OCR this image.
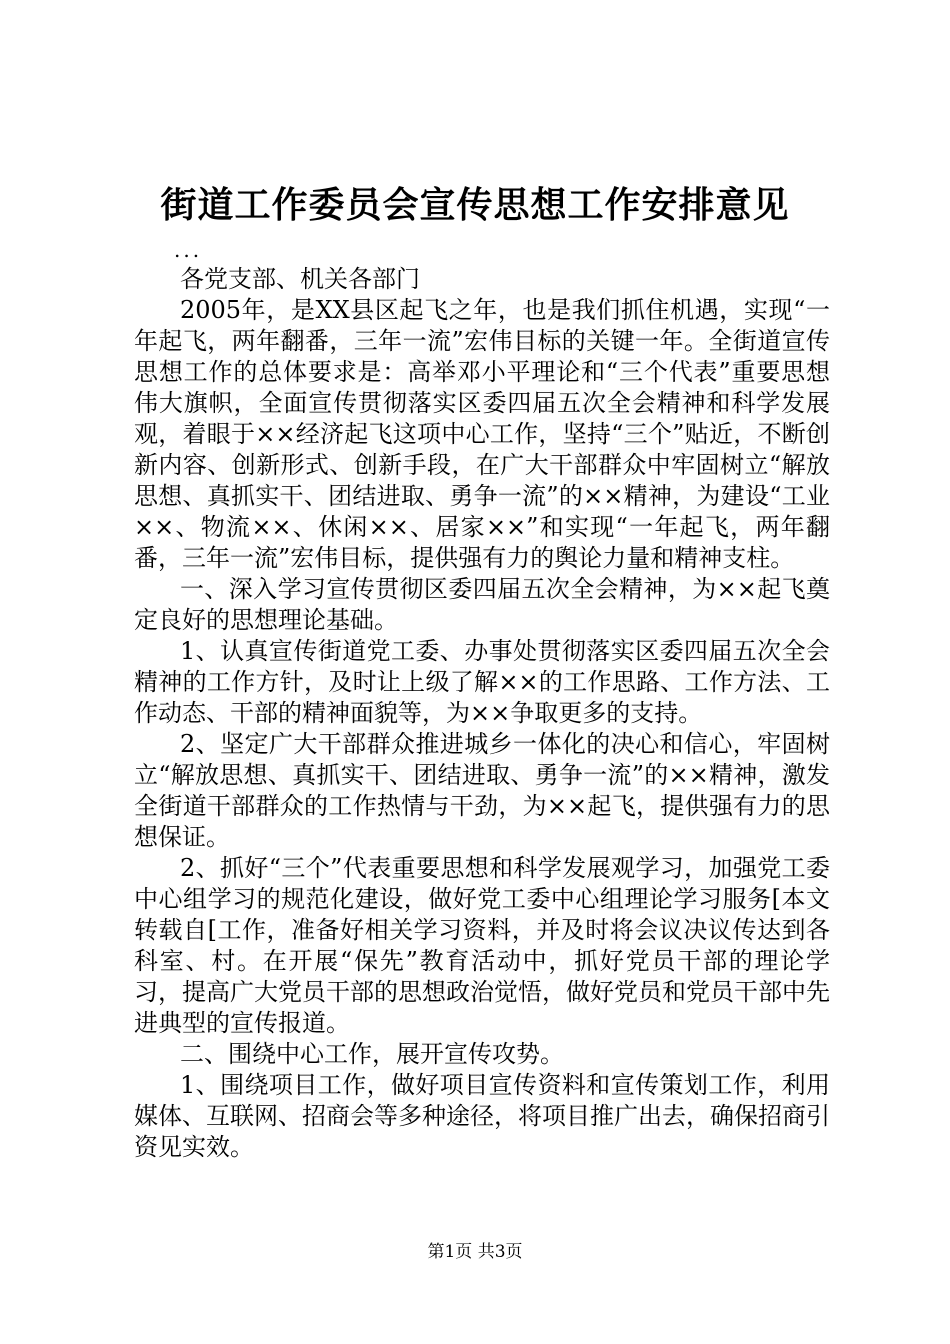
街道工作委员会宣传思想工作安排意见

...

各党支部、机关各部门

2005年，是XX县区起飞之年，也是我们抓住机遇，实现“一年起飞，两年翻番，三年一流”宏伟目标的关键一年。全街道宣传思想工作的总体要求是：高举邓小平理论和“三个代表”重要思想伟大旗帜，全面宣传贯彻落实区委四届五次全会精神和科学发展观，着眼于××经济起飞这项中心工作，坚持“三个”贴近，不断创新内容、创新形式、创新手段，在广大干部群众中牢固树立“解放思想、真抓实干、团结进取、勇争一流”的××精神，为建设“工业××、物流××、休闲××、居家××”和实现“一年起飞，两年翻番，三年一流”宏伟目标，提供强有力的舆论力量和精神支柱。

一、深入学习宣传贯彻区委四届五次全会精神，为××起飞奠定良好的思想理论基础。

1、认真宣传街道党工委、办事处贯彻落实区委四届五次全会精神的工作方针，及时让上级了解××的工作思路、工作方法、工作动态、干部的精神面貌等，为××争取更多的支持。

2、坚定广大干部群众推进城乡一体化的决心和信心，牢固树立“解放思想、真抓实干、团结进取、勇争一流”的××精神，激发全街道干部群众的工作热情与干劲，为××起飞，提供强有力的思想保证。

2、抓好“三个”代表重要思想和科学发展观学习，加强党工委中心组学习的规范化建设，做好党工委中心组理论学习服务[本文转载自[工作，准备好相关学习资料，并及时将会议决议传达到各科室、村。在开展“保先”教育活动中，抓好党员干部的理论学习，提高广大党员干部的思想政治觉悟，做好党员和党员干部中先进典型的宣传报道。

二、围绕中心工作，展开宣传攻势。

1、围绕项目工作，做好项目宣传资料和宣传策划工作，利用媒体、互联网、招商会等多种途径，将项目推广出去，确保招商引资见实效。

第1页 共3页
